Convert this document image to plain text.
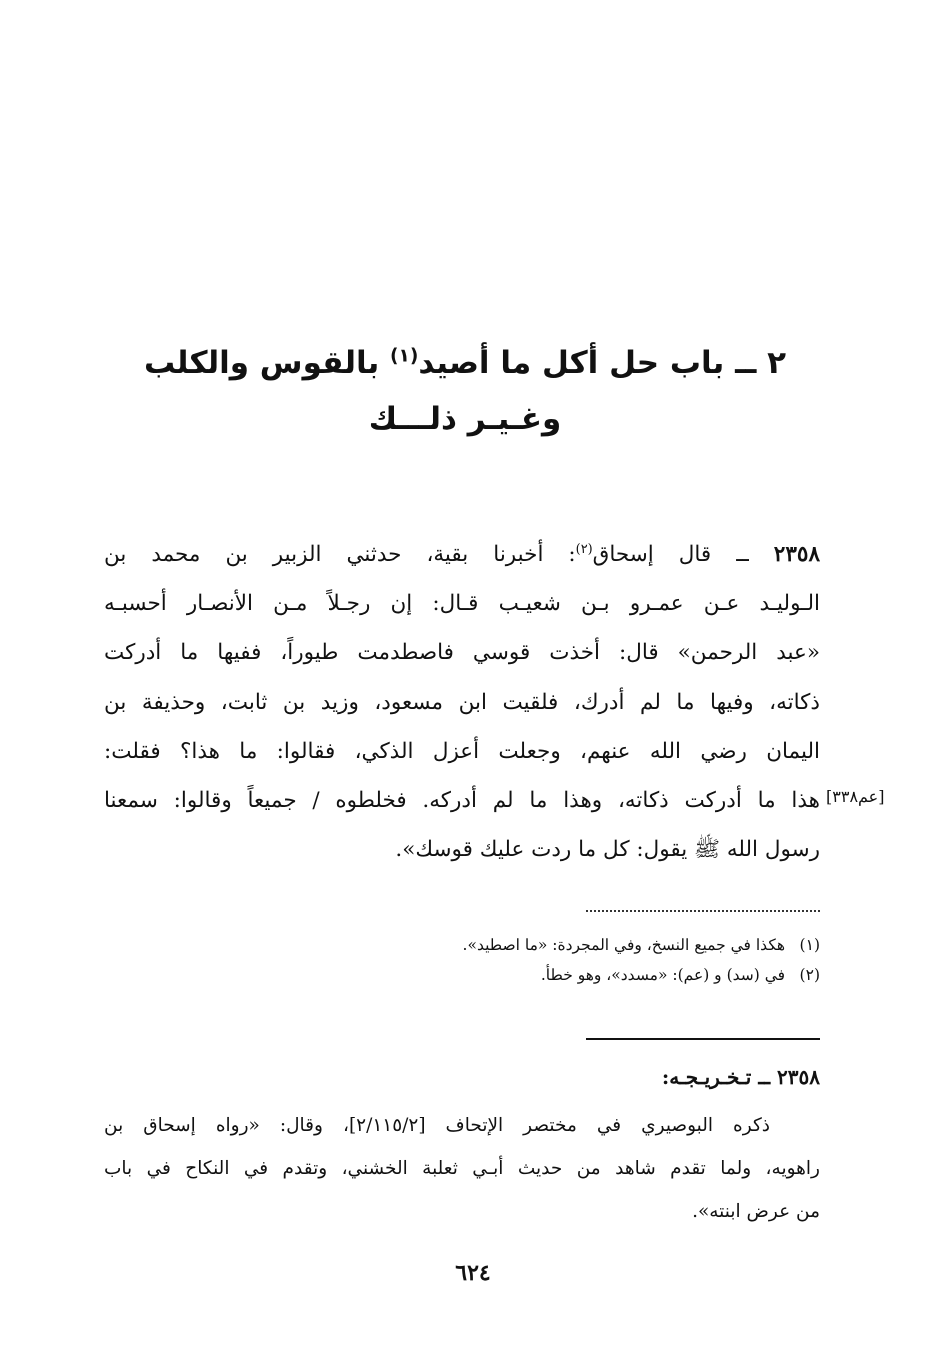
٢ ــ باب حل أكل ما أصيد$^{(١)}$ بالقوس والكلب
وغـيـر ذلـــك
٢٣٥٨ ــ قال إسحاق$^{(٢)}$: أخبرنا بقية، حدثني الزبير بن محمد بن
الـوليـد عـن عمـرو بـن شعيـب قـال: إن رجـلاً مـن الأنصـار أحسبـه
«عبد الرحمن» قال: أخذت قوسي فاصطدمت طيوراً، ففيها ما أدركت
ذكاته، وفيها ما لم أدرك، فلقيت ابن مسعود، وزيد بن ثابت، وحذيفة بن
اليمان رضي الله عنهم، وجعلت أعزل الذكي، فقالوا: ما هذا؟ فقلت:
هذا ما أدركت ذكاته، وهذا ما لم أدركه. فخلطوه / جميعاً وقالوا: سمعنا
رسول الله ﷺ يقول: كل ما ردت عليك قوسك».
[عم٣٣٨]
(١) هكذا في جميع النسخ، وفي المجردة: «ما اصطيد».
(٢) في (سد) و (عم): «مسدد»، وهو خطأ.
٢٣٥٨ ــ تـخـريـجـه:
ذكره البوصيري في مختصر الإتحاف [٢/١١٥/٢]، وقال: «رواه إسحاق بن
راهويه، ولما تقدم شاهد من حديث أبـي ثعلبة الخشني، وتقدم في النكاح في باب
من عرض ابنته».
٦٢٤
